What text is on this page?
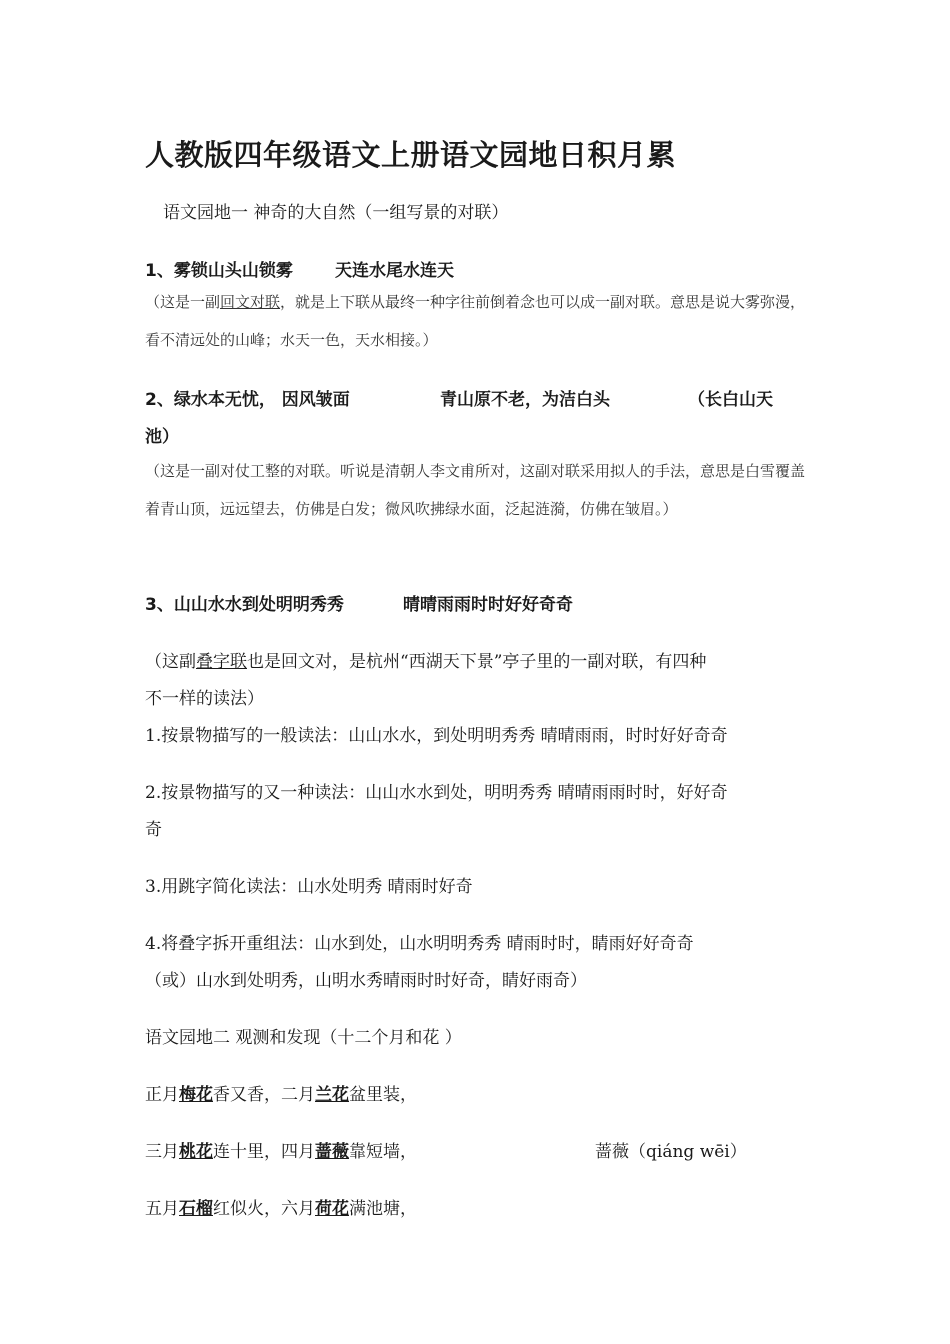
人教版四年级语文上册语文园地日积月累
语文园地一 神奇的大自然（一组写景的对联）
1、雾锁山头山锁雾 天连水尾水连天
（这是一副回文对联，就是上下联从最终一种字往前倒着念也可以成一副对联。意思是说大雾弥漫，看不清远处的山峰；水天一色，天水相接。）
2、绿水本无忧， 因风皱面	青山原不老，为洁白头	（长白山天
池）
（这是一副对仗工整的对联。听说是清朝人李文甫所对，这副对联采用拟人的手法，意思是白雪覆盖着青山顶，远远望去，仿佛是白发；微风吹拂绿水面，泛起涟漪，仿佛在皱眉。）
3、山山水水到处明明秀秀	晴晴雨雨时时好好奇奇
（这副叠字联也是回文对，是杭州“西湖天下景”亭子里的一副对联，有四种
不一样的读法）
1.按景物描写的一般读法：山山水水，到处明明秀秀 晴晴雨雨，时时好好奇奇
2.按景物描写的又一种读法：山山水水到处，明明秀秀 晴晴雨雨时时，好好奇
奇
3.用跳字简化读法：山水处明秀 晴雨时好奇
4.将叠字拆开重组法：山水到处，山水明明秀秀 晴雨时时，睛雨好好奇奇
（或）山水到处明秀，山明水秀晴雨时时好奇，睛好雨奇）
语文园地二 观测和发现（十二个月和花 ）
正月梅花香又香，二月兰花盆里装，
三月桃花连十里，四月蔷薇靠短墙，	蔷薇（qiáng wēi）
五月石榴红似火，六月荷花满池塘，
